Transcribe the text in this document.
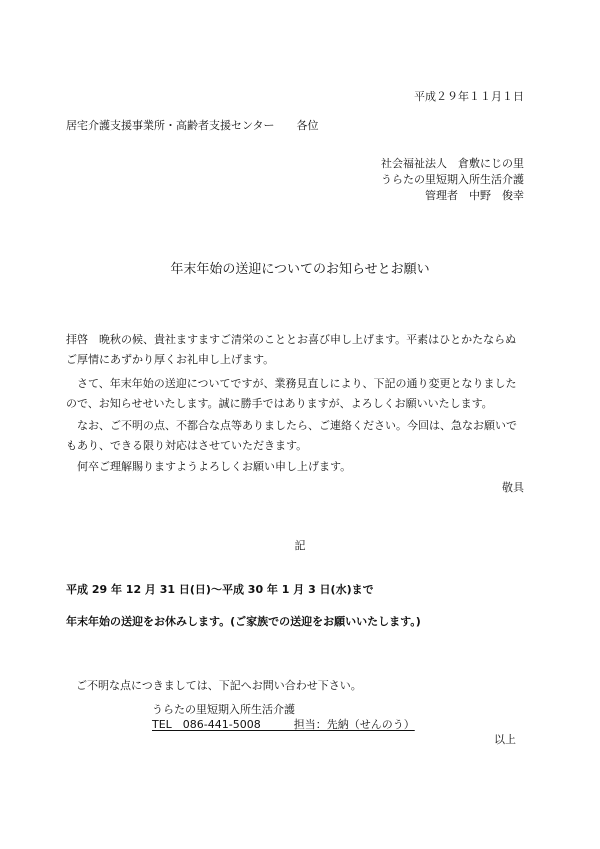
平成２９年１１月１日
居宅介護支援事業所・高齢者支援センター　　各位
社会福祉法人　倉敷にじの里
うらたの里短期入所生活介護
管理者　中野　俊幸
年末年始の送迎についてのお知らせとお願い
拝啓　晩秋の候、貴社ますますご清栄のこととお喜び申し上げます。平素はひとかたならぬ
ご厚情にあずかり厚くお礼申し上げます。
　さて、年末年始の送迎についてですが、業務見直しにより、下記の通り変更となりました
ので、お知らせせいたします。誠に勝手ではありますが、よろしくお願いいたします。
　なお、ご不明の点、不都合な点等ありましたら、ご連絡ください。今回は、急なお願いで
もあり、できる限り対応はさせていただきます。
　何卒ご理解賜りますようよろしくお願い申し上げます。
敬具
記
平成 29 年 12 月 31 日(日)～平成 30 年 1 月 3 日(水)まで
年末年始の送迎をお休みします。(ご家族での送迎をお願いいたします。)
ご不明な点につきましては、下記へお問い合わせ下さい。
うらたの里短期入所生活介護
TEL　086-441-5008　　　担当：先納（せんのう）
以上
